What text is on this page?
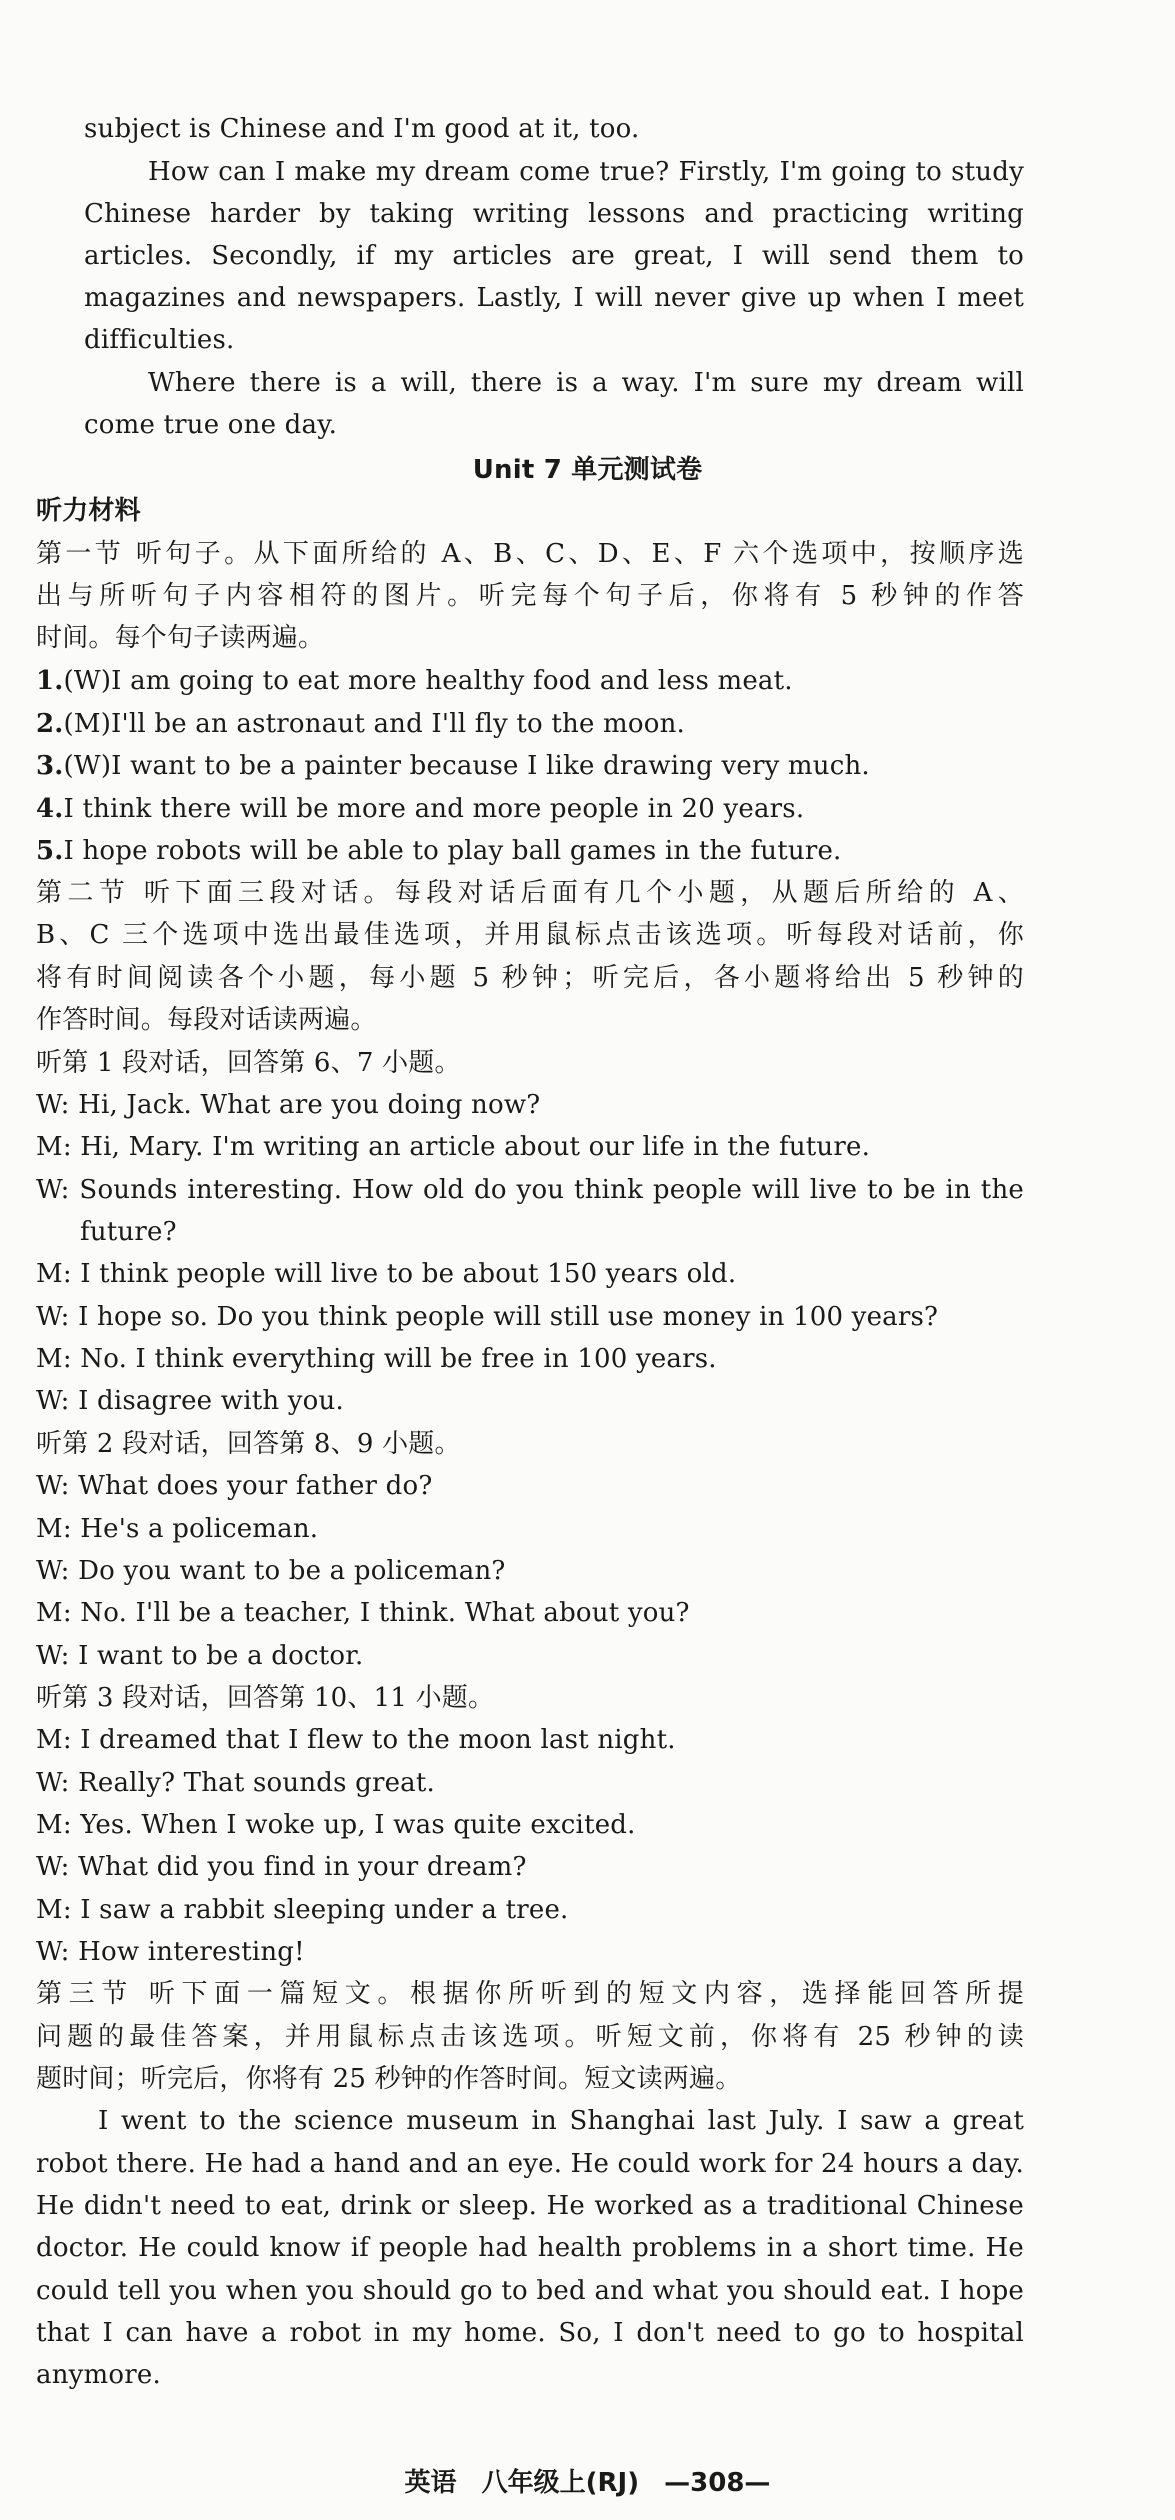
subject is Chinese and I'm good at it, too.
How can I make my dream come true? Firstly, I'm going to study
Chinese harder by taking writing lessons and practicing writing
articles. Secondly, if my articles are great, I will send them to
magazines and newspapers. Lastly, I will never give up when I meet
difficulties.
Where there is a will, there is a way. I'm sure my dream will
come true one day.
Unit 7 单元测试卷
听力材料
第一节 听句子。从下面所给的 A、B、C、D、E、F 六个选项中，按顺序选
出与所听句子内容相符的图片。听完每个句子后，你将有 5 秒钟的作答
时间。每个句子读两遍。
1.(W)I am going to eat more healthy food and less meat.
2.(M)I'll be an astronaut and I'll fly to the moon.
3.(W)I want to be a painter because I like drawing very much.
4.I think there will be more and more people in 20 years.
5.I hope robots will be able to play ball games in the future.
第二节 听下面三段对话。每段对话后面有几个小题，从题后所给的 A、
B、C 三个选项中选出最佳选项，并用鼠标点击该选项。听每段对话前，你
将有时间阅读各个小题，每小题 5 秒钟；听完后，各小题将给出 5 秒钟的
作答时间。每段对话读两遍。
听第 1 段对话，回答第 6、7 小题。
W: Hi, Jack. What are you doing now?
M: Hi, Mary. I'm writing an article about our life in the future.
W: Sounds interesting. How old do you think people will live to be in the
future?
M: I think people will live to be about 150 years old.
W: I hope so. Do you think people will still use money in 100 years?
M: No. I think everything will be free in 100 years.
W: I disagree with you.
听第 2 段对话，回答第 8、9 小题。
W: What does your father do?
M: He's a policeman.
W: Do you want to be a policeman?
M: No. I'll be a teacher, I think. What about you?
W: I want to be a doctor.
听第 3 段对话，回答第 10、11 小题。
M: I dreamed that I flew to the moon last night.
W: Really? That sounds great.
M: Yes. When I woke up, I was quite excited.
W: What did you find in your dream?
M: I saw a rabbit sleeping under a tree.
W: How interesting!
第三节 听下面一篇短文。根据你所听到的短文内容，选择能回答所提
问题的最佳答案，并用鼠标点击该选项。听短文前，你将有 25 秒钟的读
题时间；听完后，你将有 25 秒钟的作答时间。短文读两遍。
I went to the science museum in Shanghai last July. I saw a great
robot there. He had a hand and an eye. He could work for 24 hours a day.
He didn't need to eat, drink or sleep. He worked as a traditional Chinese
doctor. He could know if people had health problems in a short time. He
could tell you when you should go to bed and what you should eat. I hope
that I can have a robot in my home. So, I don't need to go to hospital
anymore.
英语 八年级上(RJ) —308—
